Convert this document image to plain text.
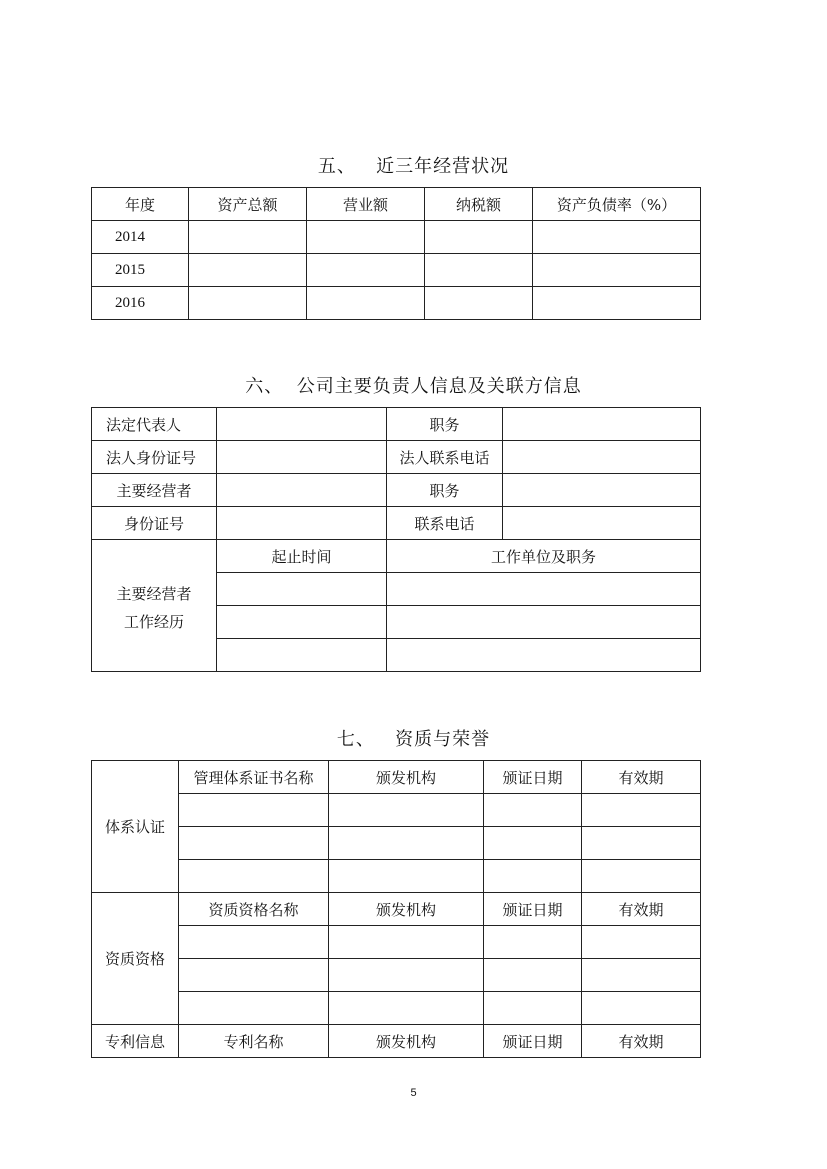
五、   近三年经营状况
年度	资产总额	营业额	纳税额	资产负债率（%）
2014				
2015				
2016				
六、  公司主要负责人信息及关联方信息
法定代表人		职务	
法人身份证号		法人联系电话	
主要经营者		职务	
身份证号		联系电话	

主要经营者
工作经历	起止时间	工作单位及职务	

七、   资质与荣誉
体系认证	管理体系证书名称	颁发机构	颁证日期	有效期

资质资格	资质资格名称	颁发机构	颁证日期	有效期

专利信息	专利名称	颁发机构	颁证日期	有效期
5
